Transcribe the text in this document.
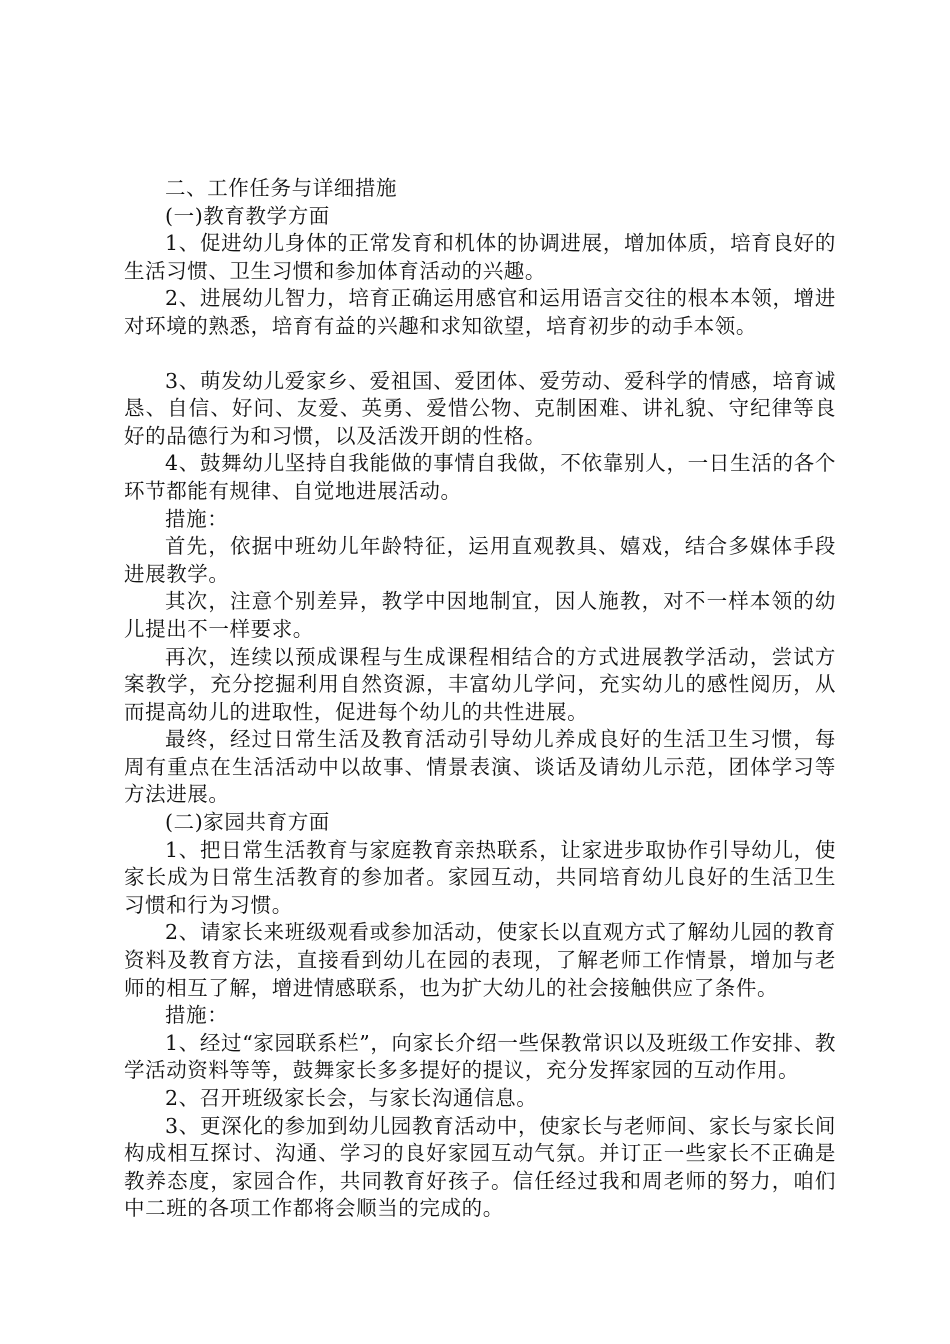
二、工作任务与详细措施

(一)教育教学方面

1、促进幼儿身体的正常发育和机体的协调进展，增加体质，培育良好的生活习惯、卫生习惯和参加体育活动的兴趣。

2、进展幼儿智力，培育正确运用感官和运用语言交往的根本本领，增进对环境的熟悉，培育有益的兴趣和求知欲望，培育初步的动手本领。

3、萌发幼儿爱家乡、爱祖国、爱团体、爱劳动、爱科学的情感，培育诚恳、自信、好问、友爱、英勇、爱惜公物、克制困难、讲礼貌、守纪律等良好的品德行为和习惯，以及活泼开朗的性格。

4、鼓舞幼儿坚持自我能做的事情自我做，不依靠别人，一日生活的各个环节都能有规律、自觉地进展活动。

措施：

首先，依据中班幼儿年龄特征，运用直观教具、嬉戏，结合多媒体手段进展教学。

其次，注意个别差异，教学中因地制宜，因人施教，对不一样本领的幼儿提出不一样要求。

再次，连续以预成课程与生成课程相结合的方式进展教学活动，尝试方案教学，充分挖掘利用自然资源，丰富幼儿学问，充实幼儿的感性阅历，从而提高幼儿的进取性，促进每个幼儿的共性进展。

最终，经过日常生活及教育活动引导幼儿养成良好的生活卫生习惯，每周有重点在生活活动中以故事、情景表演、谈话及请幼儿示范，团体学习等方法进展。

(二)家园共育方面

1、把日常生活教育与家庭教育亲热联系，让家进步取协作引导幼儿，使家长成为日常生活教育的参加者。家园互动，共同培育幼儿良好的生活卫生习惯和行为习惯。

2、请家长来班级观看或参加活动，使家长以直观方式了解幼儿园的教育资料及教育方法，直接看到幼儿在园的表现，了解老师工作情景，增加与老师的相互了解，增进情感联系，也为扩大幼儿的社会接触供应了条件。

措施：

1、经过“家园联系栏”，向家长介绍一些保教常识以及班级工作安排、教学活动资料等等，鼓舞家长多多提好的提议，充分发挥家园的互动作用。

2、召开班级家长会，与家长沟通信息。

3、更深化的参加到幼儿园教育活动中，使家长与老师间、家长与家长间构成相互探讨、沟通、学习的良好家园互动气氛。并订正一些家长不正确是教养态度，家园合作，共同教育好孩子。信任经过我和周老师的努力，咱们中二班的各项工作都将会顺当的完成的。
